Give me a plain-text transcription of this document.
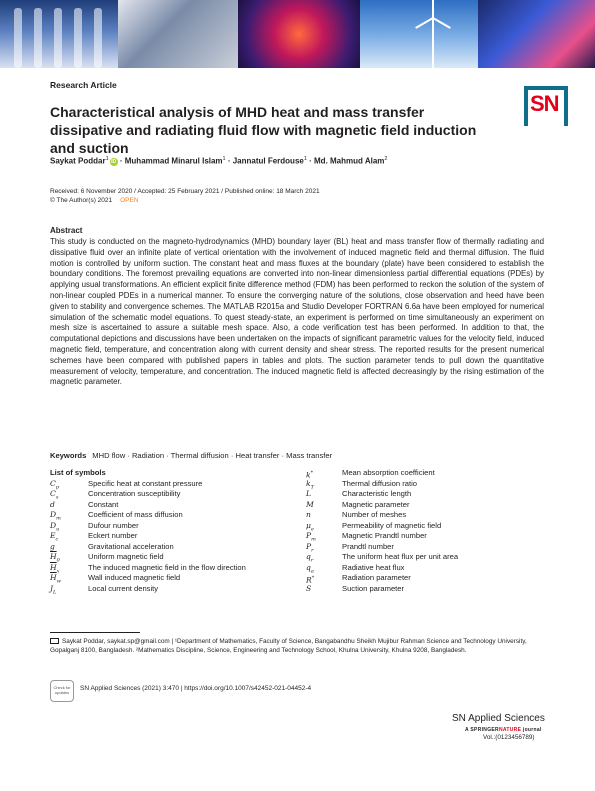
Research Article
SN
Characteristical analysis of MHD heat and mass transfer dissipative and radiating fluid flow with magnetic field induction and suction
Saykat Poddar$^1$ iD · Muhammad Minarul Islam$^1$ · Jannatul Ferdouse$^1$ · Md. Mahmud Alam$^2$
Received: 6 November 2020 / Accepted: 25 February 2021 / Published online: 18 March 2021
© The Author(s) 2021 OPEN
Abstract

This study is conducted on the magneto-hydrodynamics (MHD) boundary layer (BL) heat and mass transfer flow of thermally radiating and dissipative fluid over an infinite plate of vertical orientation with the involvement of induced magnetic field and thermal diffusion. The fluid motion is controlled by uniform suction. The constant heat and mass fluxes at the boundary (plate) have been considered to establish the boundary conditions. The foremost prevailing equations are converted into non-linear dimensionless partial differential equations (PDEs) by applying usual transformations. An efficient explicit finite difference method (FDM) has been performed to reckon the solution of the system of non-linear coupled PDEs in a numerical manner. To ensure the converging nature of the solutions, close observation and heed have been given to stability and convergence schemes. The MATLAB R2015a and Studio Developer FORTRAN 6.6a have been employed for numerical simulation of the schematic model equations. To quest steady-state, an experiment is performed on time simultaneously an experiment on mesh size is ascertained to assure a suitable mesh space. Also, a code verification test has been performed. In addition to that, the computational depictions and discussions have been undertaken on the impacts of significant parametric values for the velocity field, induced magnetic field, temperature, and concentration along with current density and shear stress. The reported results for the present numerical schemes have been compared with published papers in tables and plots. The suction parameter tends to pull down the quantitative measurement of velocity, temperature, and concentration. The induced magnetic field is affected decreasingly by the rising estimation of the magnetic parameter.

Keywords MHD flow · Radiation · Thermal diffusion · Heat transfer · Mass transfer
List of symbols
$C_p$	Specific heat at constant pressure
$C_s$	Concentration susceptibility
d	Constant
$D_m$	Coefficient of mass diffusion
$D_u$	Dufour number
$E_c$	Eckert number
g	Gravitational acceleration
$\overline{H}_0$	Uniform magnetic field
$\overline{H}_x$	The induced magnetic field in the flow direction
$\overline{H}_w$	Wall induced magnetic field
$J_L$	Local current density
k*	Mean absorption coefficient
$k_T$	Thermal diffusion ratio
L	Characteristic length
M	Magnetic parameter
n	Number of meshes
$\mu_e$	Permeability of magnetic field
$P_m$	Magnetic Prandtl number
$P_r$	Prandtl number
$q_r$	The uniform heat flux per unit area
$q_a$	Radiative heat flux
R*	Radiation parameter
S	Suction parameter

Saykat Poddar, saykat.sp@gmail.com | ¹Department of Mathematics, Faculty of Science, Bangabandhu Sheikh Mujibur Rahman Science and Technology University, Gopalganj 8100, Bangladesh. ²Mathematics Discipline, Science, Engineering and Technology School, Khulna University, Khulna 9208, Bangladesh.

Check for updates
SN Applied Sciences (2021) 3:470 | https://doi.org/10.1007/s42452-021-04452-4
SN Applied Sciences
A SPRINGERNATURE journal
Vol.:(0123456789)
